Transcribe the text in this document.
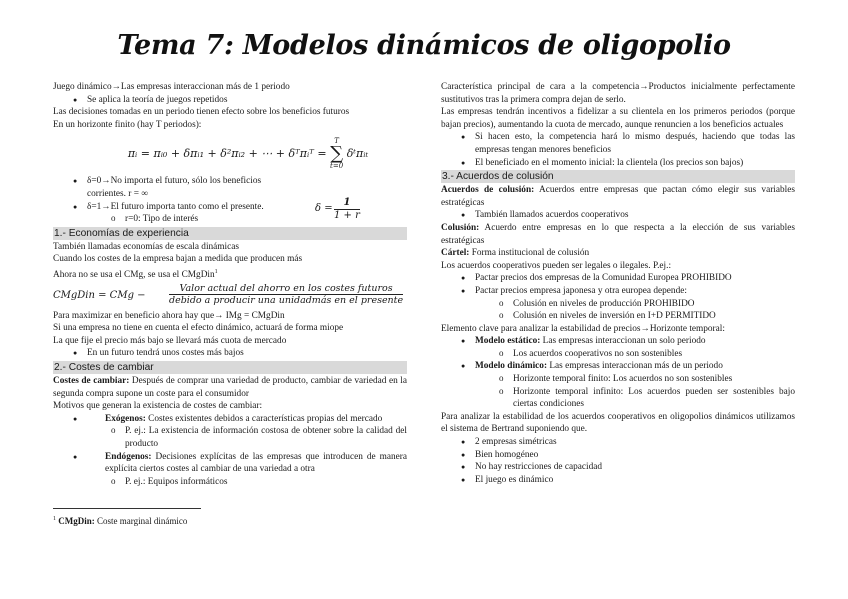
Tema 7: Modelos dinámicos de oligopolio

Juego dinámico→Las empresas interaccionan más de 1 periodo

● Se aplica la teoría de juegos repetidos

Las decisiones tomadas en un periodo tienen efecto sobre los beneficios futuros

En un horizonte finito (hay T periodos):

πᵢ = πᵢ₀ + δπᵢ₁ + δ²πᵢ₂ + ⋯ + δᵀπᵢᵀ =
T
∑
t=0
δᵗπᵢₜ

● δ=0→No importa el futuro, sólo los beneficios

corrientes. r = ∞

● δ=1→El futuro importa tanto como el presente.	$\delta = \frac{1}{1 + r}$

o r=0: Tipo de interés

1.- Economías de experiencia

También llamadas economías de escala dinámicas

Cuando los costes de la empresa bajan a medida que producen más

Ahora no se usa el CMg, se usa el CMgDin$^1$

CMgDin = CMg −
Valor actual del ahorro en los costes futuros
debido a producir una unidadmás en el presente

Para maximizar en beneficio ahora hay que→ IMg = CMgDin

Si una empresa no tiene en cuenta el efecto dinámico, actuará de forma miope

La que fije el precio más bajo se llevará más cuota de mercado

● En un futuro tendrá unos costes más bajos

2.- Costes de cambiar

Costes de cambiar: Después de comprar una variedad de producto, cambiar de variedad en la segunda compra supone un coste para el consumidor

Motivos que generan la existencia de costes de cambiar:

● Exógenos: Costes existentes debidos a características propias del mercado

o P. ej.: La existencia de información costosa de obtener sobre la calidad del producto

● Endógenos: Decisiones explícitas de las empresas que introducen de manera explícita ciertos costes al cambiar de una variedad a otra

o P. ej.: Equipos informáticos

$^1$ CMgDin: Coste marginal dinámico

Característica principal de cara a la competencia→Productos inicialmente perfectamente sustitutivos tras la primera compra dejan de serlo.

Las empresas tendrán incentivos a fidelizar a su clientela en los primeros periodos (porque bajan precios), aumentando la cuota de mercado, aunque renuncien a los beneficios actuales

● Si hacen esto, la competencia hará lo mismo después, haciendo que todas las empresas tengan menores beneficios

● El beneficiado en el momento inicial: la clientela (los precios son bajos)

3.- Acuerdos de colusión

Acuerdos de colusión: Acuerdos entre empresas que pactan cómo elegir sus variables estratégicas

● También llamados acuerdos cooperativos

Colusión: Acuerdo entre empresas en lo que respecta a la elección de sus variables estratégicas

Cártel: Forma institucional de colusión

Los acuerdos cooperativos pueden ser legales o ilegales. P.ej.:

● Pactar precios dos empresas de la Comunidad Europea PROHIBIDO

● Pactar precios empresa japonesa y otra europea depende:

o Colusión en niveles de producción PROHIBIDO

o Colusión en niveles de inversión en I+D PERMITIDO

Elemento clave para analizar la estabilidad de precios→Horizonte temporal:

● Modelo estático: Las empresas interaccionan un solo periodo

o Los acuerdos cooperativos no son sostenibles

● Modelo dinámico: Las empresas interaccionan más de un periodo

o Horizonte temporal finito: Los acuerdos no son sostenibles

o Horizonte temporal infinito: Los acuerdos pueden ser sostenibles bajo ciertas condiciones

Para analizar la estabilidad de los acuerdos cooperativos en oligopolios dinámicos utilizamos el sistema de Bertrand suponiendo que.

● 2 empresas simétricas

● Bien homogéneo

● No hay restricciones de capacidad

● El juego es dinámico
